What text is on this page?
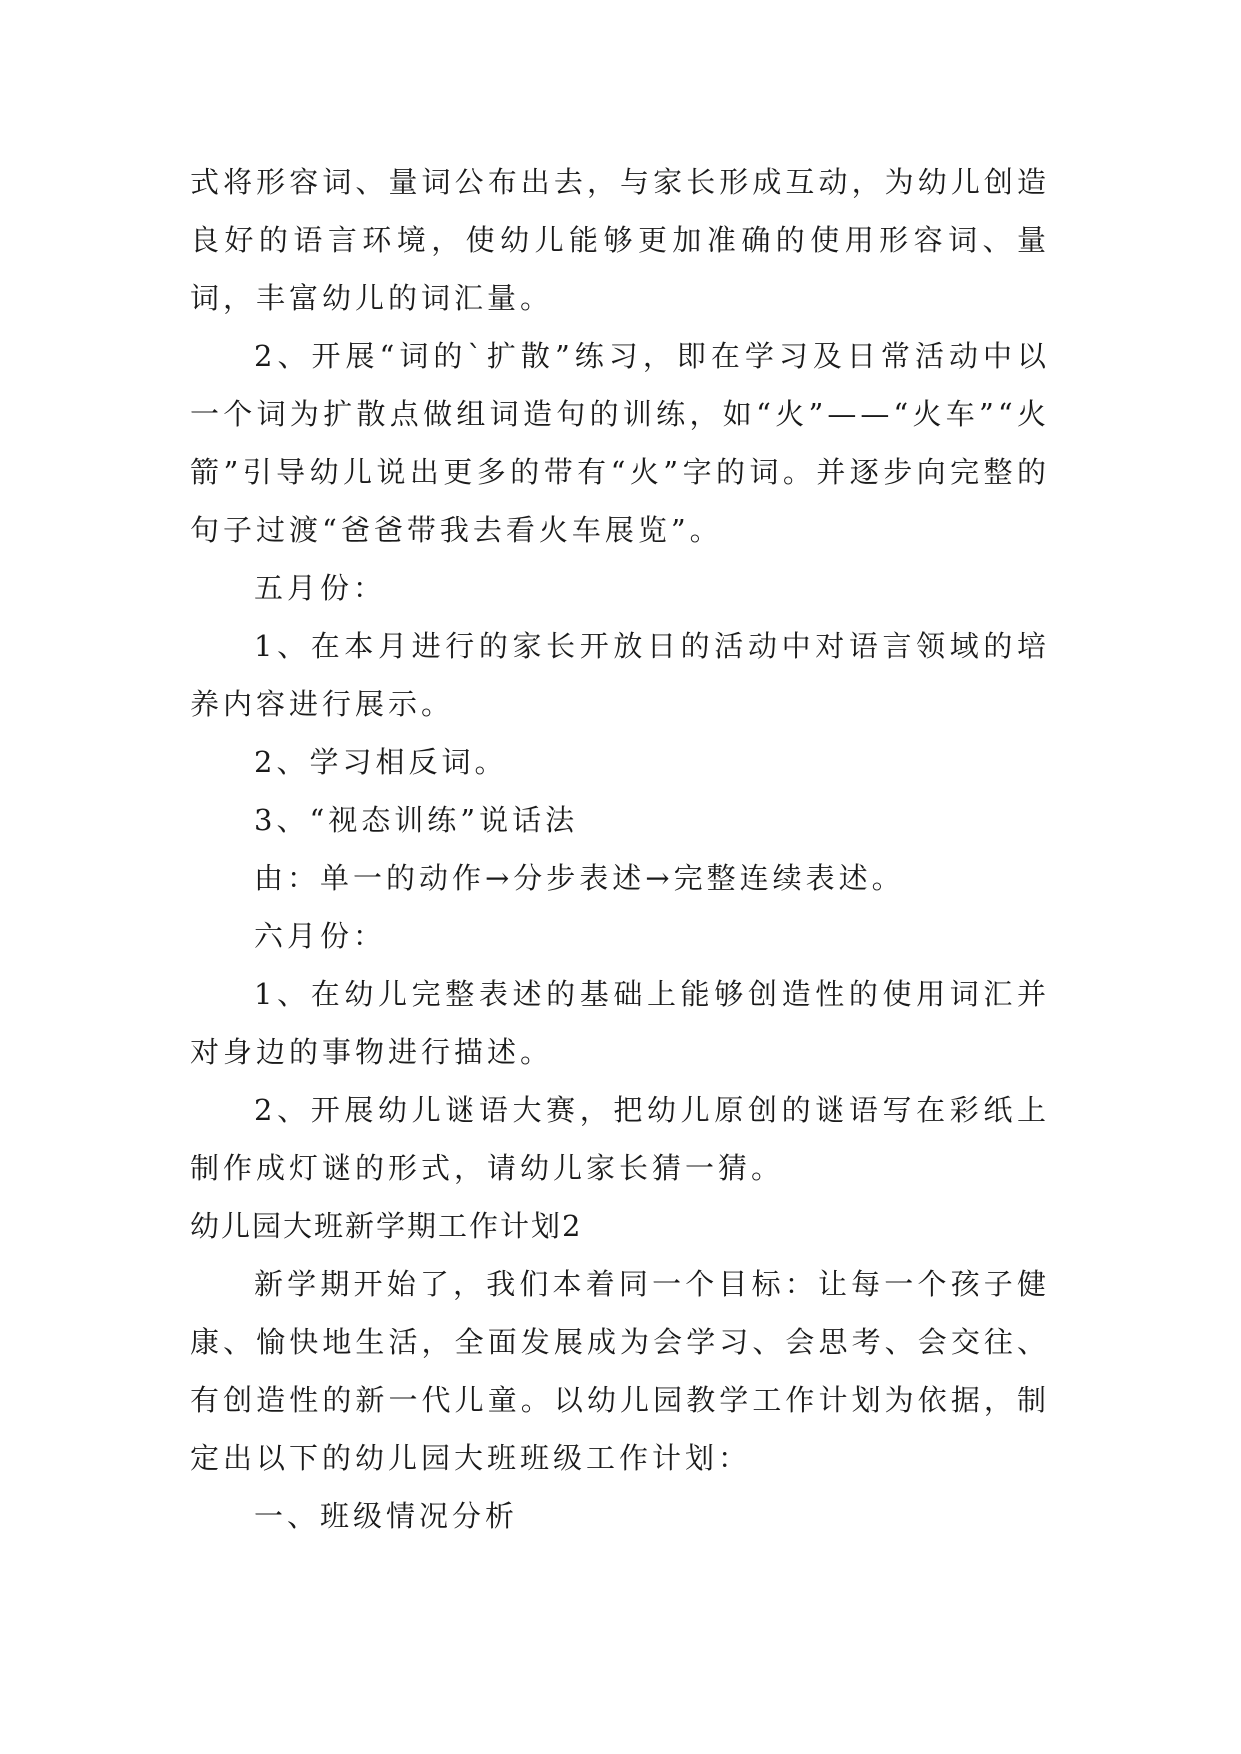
式将形容词、量词公布出去，与家长形成互动，为幼儿创造良好的语言环境，使幼儿能够更加准确的使用形容词、量词，丰富幼儿的词汇量。

2、开展“词的`扩散”练习，即在学习及日常活动中以一个词为扩散点做组词造句的训练，如“火”——“火车”“火箭”引导幼儿说出更多的带有“火”字的词。并逐步向完整的句子过渡“爸爸带我去看火车展览”。

五月份：

1、在本月进行的家长开放日的活动中对语言领域的培养内容进行展示。

2、学习相反词。

3、“视态训练”说话法

由：单一的动作→分步表述→完整连续表述。

六月份：

1、在幼儿完整表述的基础上能够创造性的使用词汇并对身边的事物进行描述。

2、开展幼儿谜语大赛，把幼儿原创的谜语写在彩纸上制作成灯谜的形式，请幼儿家长猜一猜。

幼儿园大班新学期工作计划2

新学期开始了，我们本着同一个目标：让每一个孩子健康、愉快地生活，全面发展成为会学习、会思考、会交往、有创造性的新一代儿童。以幼儿园教学工作计划为依据，制定出以下的幼儿园大班班级工作计划：

一、班级情况分析
